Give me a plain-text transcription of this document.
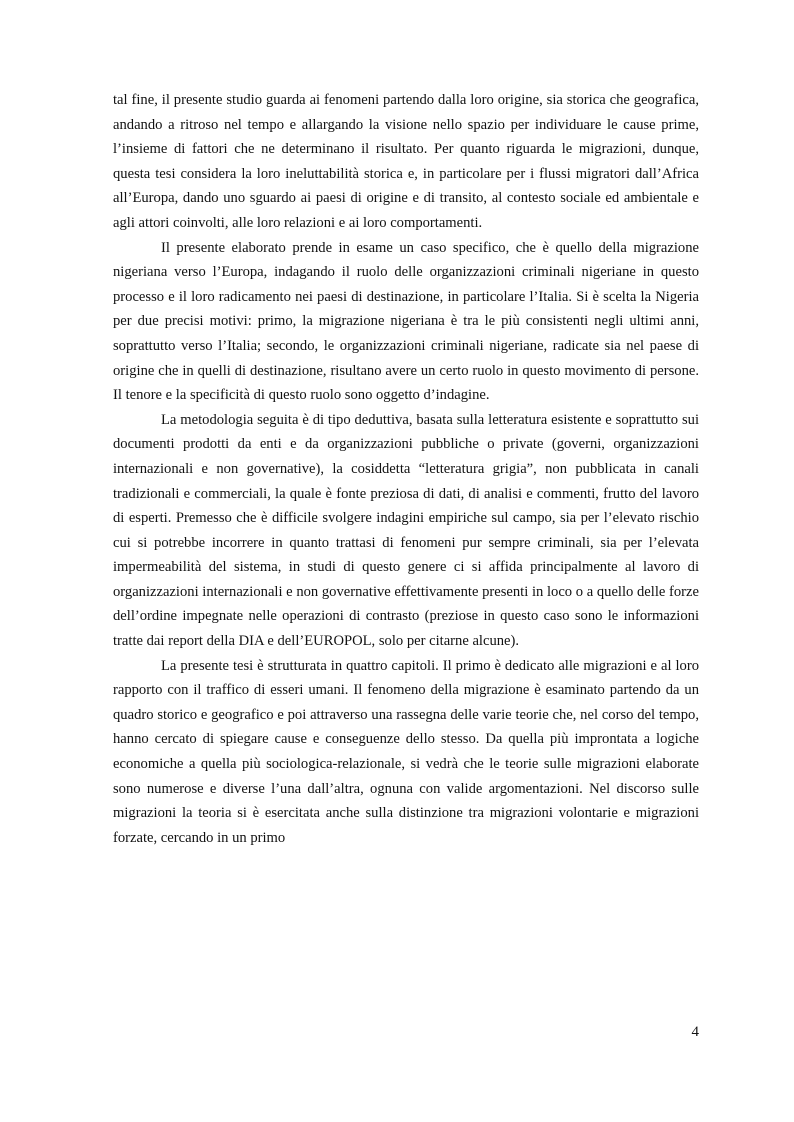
tal fine, il presente studio guarda ai fenomeni partendo dalla loro origine, sia storica che geografica, andando a ritroso nel tempo e allargando la visione nello spazio per individuare le cause prime, l’insieme di fattori che ne determinano il risultato. Per quanto riguarda le migrazioni, dunque, questa tesi considera la loro ineluttabilità storica e, in particolare per i flussi migratori dall’Africa all’Europa, dando uno sguardo ai paesi di origine e di transito, al contesto sociale ed ambientale e agli attori coinvolti, alle loro relazioni e ai loro comportamenti.

Il presente elaborato prende in esame un caso specifico, che è quello della migrazione nigeriana verso l’Europa, indagando il ruolo delle organizzazioni criminali nigeriane in questo processo e il loro radicamento nei paesi di destinazione, in particolare l’Italia. Si è scelta la Nigeria per due precisi motivi: primo, la migrazione nigeriana è tra le più consistenti negli ultimi anni, soprattutto verso l’Italia; secondo, le organizzazioni criminali nigeriane, radicate sia nel paese di origine che in quelli di destinazione, risultano avere un certo ruolo in questo movimento di persone. Il tenore e la specificità di questo ruolo sono oggetto d’indagine.

La metodologia seguita è di tipo deduttiva, basata sulla letteratura esistente e soprattutto sui documenti prodotti da enti e da organizzazioni pubbliche o private (governi, organizzazioni internazionali e non governative), la cosiddetta “letteratura grigia”, non pubblicata in canali tradizionali e commerciali, la quale è fonte preziosa di dati, di analisi e commenti, frutto del lavoro di esperti. Premesso che è difficile svolgere indagini empiriche sul campo, sia per l’elevato rischio cui si potrebbe incorrere in quanto trattasi di fenomeni pur sempre criminali, sia per l’elevata impermeabilità del sistema, in studi di questo genere ci si affida principalmente al lavoro di organizzazioni internazionali e non governative effettivamente presenti in loco o a quello delle forze dell’ordine impegnate nelle operazioni di contrasto (preziose in questo caso sono le informazioni tratte dai report della DIA e dell’EUROPOL, solo per citarne alcune).

La presente tesi è strutturata in quattro capitoli. Il primo è dedicato alle migrazioni e al loro rapporto con il traffico di esseri umani. Il fenomeno della migrazione è esaminato partendo da un quadro storico e geografico e poi attraverso una rassegna delle varie teorie che, nel corso del tempo, hanno cercato di spiegare cause e conseguenze dello stesso. Da quella più improntata a logiche economiche a quella più sociologica-relazionale, si vedrà che le teorie sulle migrazioni elaborate sono numerose e diverse l’una dall’altra, ognuna con valide argomentazioni. Nel discorso sulle migrazioni la teoria si è esercitata anche sulla distinzione tra migrazioni volontarie e migrazioni forzate, cercando in un primo

4
